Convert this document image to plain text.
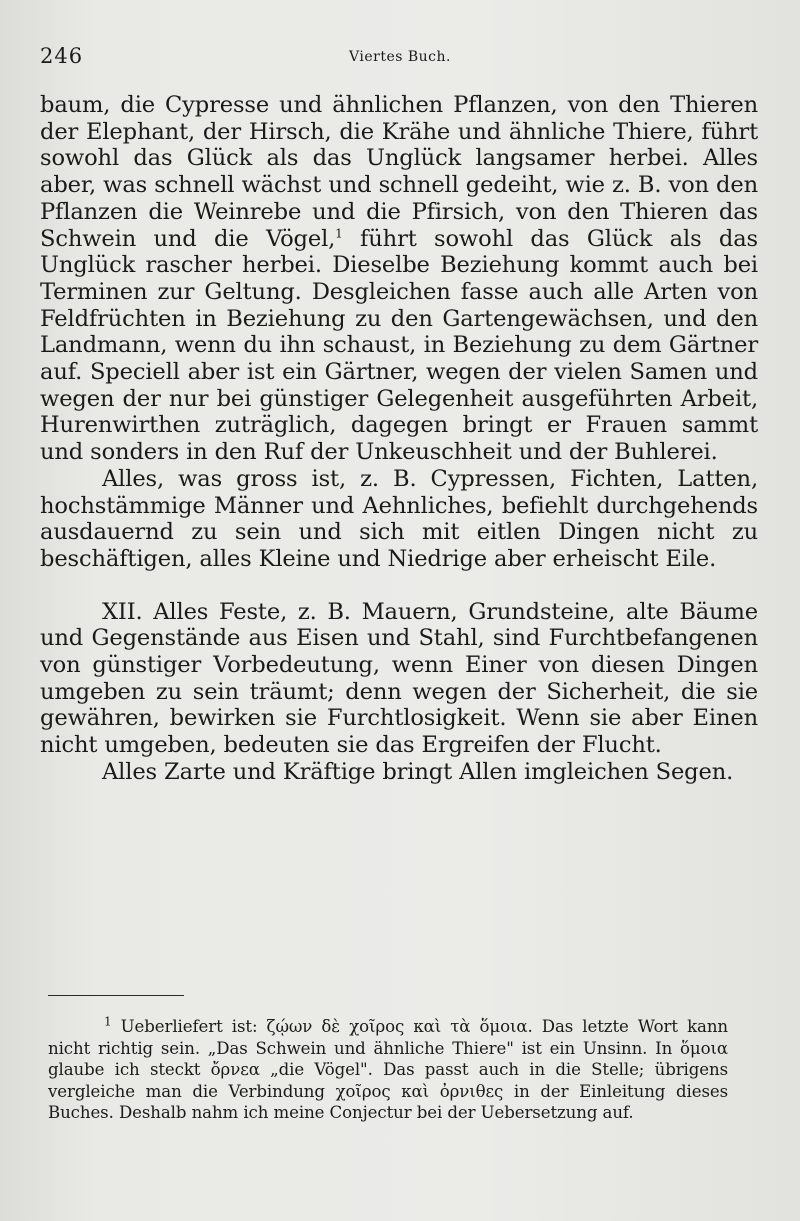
246	Viertes Buch.

baum, die Cypresse und ähnlichen Pflanzen, von den Thieren der Elephant, der Hirsch, die Krähe und ähnliche Thiere, führt sowohl das Glück als das Unglück langsamer herbei. Alles aber, was schnell wächst und schnell gedeiht, wie z. B. von den Pflanzen die Weinrebe und die Pfirsich, von den Thieren das Schwein und die Vögel,$^1$ führt sowohl das Glück als das Unglück rascher herbei. Dieselbe Beziehung kommt auch bei Terminen zur Geltung. Desgleichen fasse auch alle Arten von Feldfrüchten in Beziehung zu den Gartengewächsen, und den Landmann, wenn du ihn schaust, in Beziehung zu dem Gärtner auf. Speciell aber ist ein Gärtner, wegen der vielen Samen und wegen der nur bei günstiger Gelegenheit ausgeführten Arbeit, Hurenwirthen zuträglich, dagegen bringt er Frauen sammt und sonders in den Ruf der Unkeuschheit und der Buhlerei.

Alles, was gross ist, z. B. Cypressen, Fichten, Latten, hochstämmige Männer und Aehnliches, befiehlt durchgehends ausdauernd zu sein und sich mit eitlen Dingen nicht zu beschäftigen, alles Kleine und Niedrige aber erheischt Eile.

XII. Alles Feste, z. B. Mauern, Grundsteine, alte Bäume und Gegenstände aus Eisen und Stahl, sind Furchtbefangenen von günstiger Vorbedeutung, wenn Einer von diesen Dingen umgeben zu sein träumt; denn wegen der Sicherheit, die sie gewähren, bewirken sie Furchtlosigkeit. Wenn sie aber Einen nicht umgeben, bedeuten sie das Ergreifen der Flucht.

Alles Zarte und Kräftige bringt Allen imgleichen Segen.

$^1$ Ueberliefert ist: ζῴων δὲ χοῖρος καὶ τὰ ὅμοια. Das letzte Wort kann nicht richtig sein. „Das Schwein und ähnliche Thiere" ist ein Unsinn. In ὅμοια glaube ich steckt ὄρνεα „die Vögel". Das passt auch in die Stelle; übrigens vergleiche man die Verbindung χοῖρος καὶ ὀρνιθες in der Einleitung dieses Buches. Deshalb nahm ich meine Conjectur bei der Uebersetzung auf.
